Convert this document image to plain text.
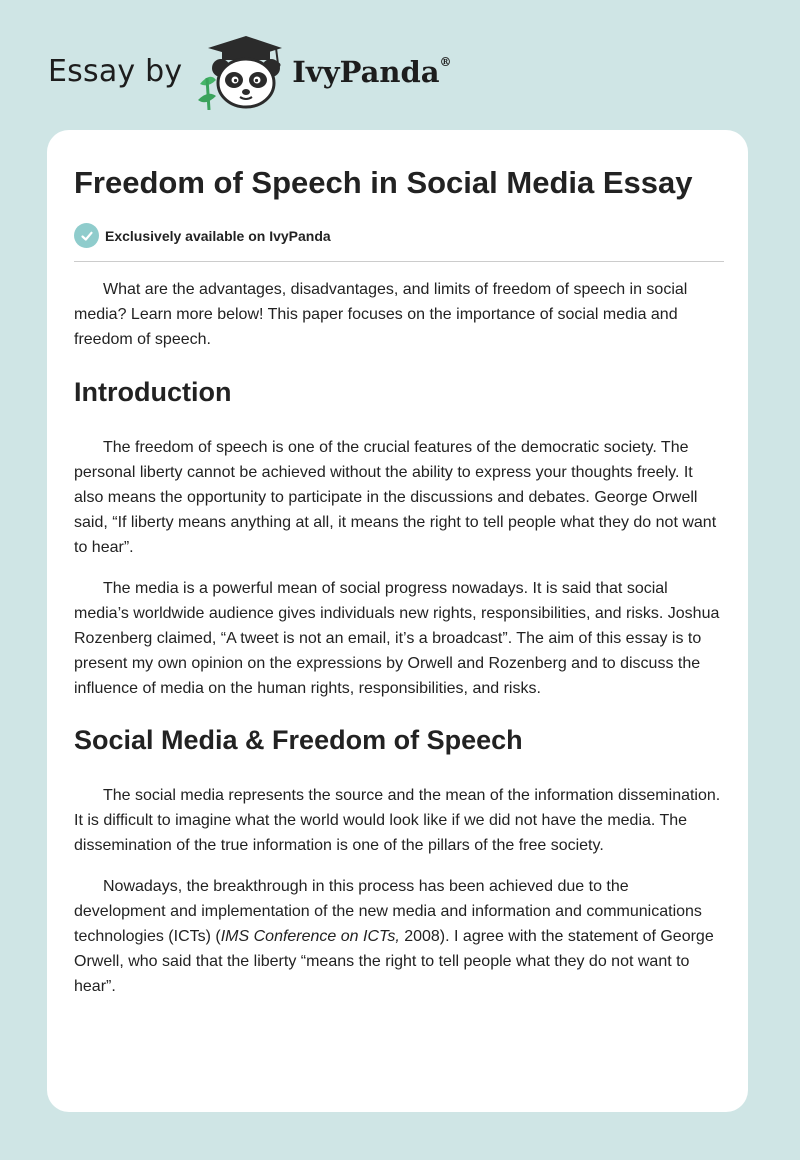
Essay by	IvyPanda®
Freedom of Speech in Social Media Essay
Exclusively available on IvyPanda

What are the advantages, disadvantages, and limits of freedom of speech in social media? Learn more below! This paper focuses on the importance of social media and freedom of speech.

Introduction

The freedom of speech is one of the crucial features of the democratic society. The personal liberty cannot be achieved without the ability to express your thoughts freely. It also means the opportunity to participate in the discussions and debates. George Orwell said, “If liberty means anything at all, it means the right to tell people what they do not want to hear”.

The media is a powerful mean of social progress nowadays. It is said that social media’s worldwide audience gives individuals new rights, responsibilities, and risks. Joshua Rozenberg claimed, “A tweet is not an email, it’s a broadcast”. The aim of this essay is to present my own opinion on the expressions by Orwell and Rozenberg and to discuss the influence of media on the human rights, responsibilities, and risks.

Social Media & Freedom of Speech

The social media represents the source and the mean of the information dissemination. It is difficult to imagine what the world would look like if we did not have the media. The dissemination of the true information is one of the pillars of the free society.

Nowadays, the breakthrough in this process has been achieved due to the development and implementation of the new media and information and communications technologies (ICTs) (IMS Conference on ICTs, 2008). I agree with the statement of George Orwell, who said that the liberty “means the right to tell people what they do not want to hear”.
